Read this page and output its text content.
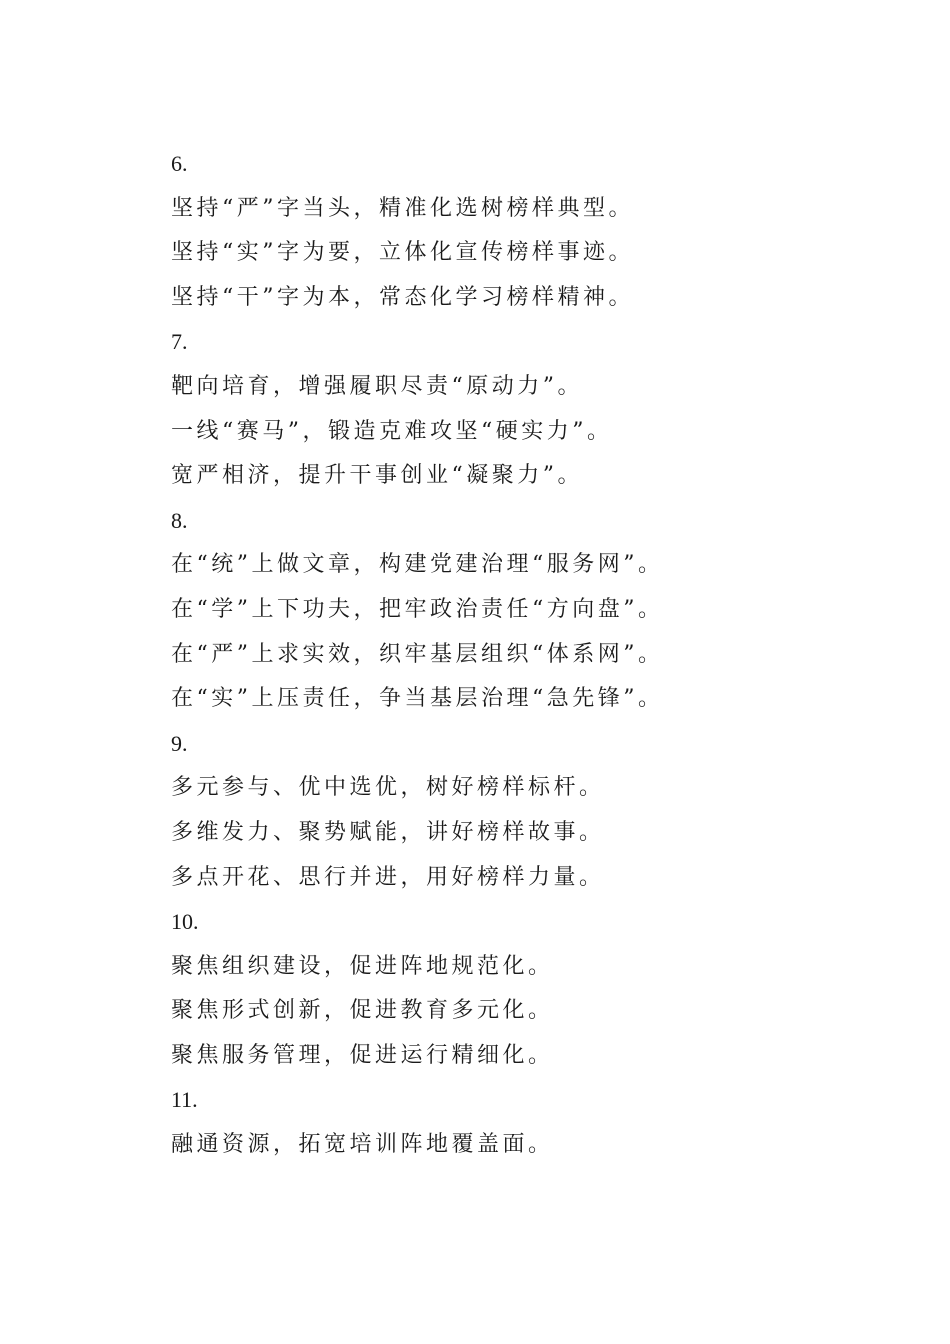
6.
坚持“严”字当头，精准化选树榜样典型。
坚持“实”字为要，立体化宣传榜样事迹。
坚持“干”字为本，常态化学习榜样精神。
7.
靶向培育，增强履职尽责“原动力”。
一线“赛马”，锻造克难攻坚“硬实力”。
宽严相济，提升干事创业“凝聚力”。
8.
在“统”上做文章，构建党建治理“服务网”。
在“学”上下功夫，把牢政治责任“方向盘”。
在“严”上求实效，织牢基层组织“体系网”。
在“实”上压责任，争当基层治理“急先锋”。
9.
多元参与、优中选优，树好榜样标杆。
多维发力、聚势赋能，讲好榜样故事。
多点开花、思行并进，用好榜样力量。
10.
聚焦组织建设，促进阵地规范化。
聚焦形式创新，促进教育多元化。
聚焦服务管理，促进运行精细化。
11.
融通资源，拓宽培训阵地覆盖面。
